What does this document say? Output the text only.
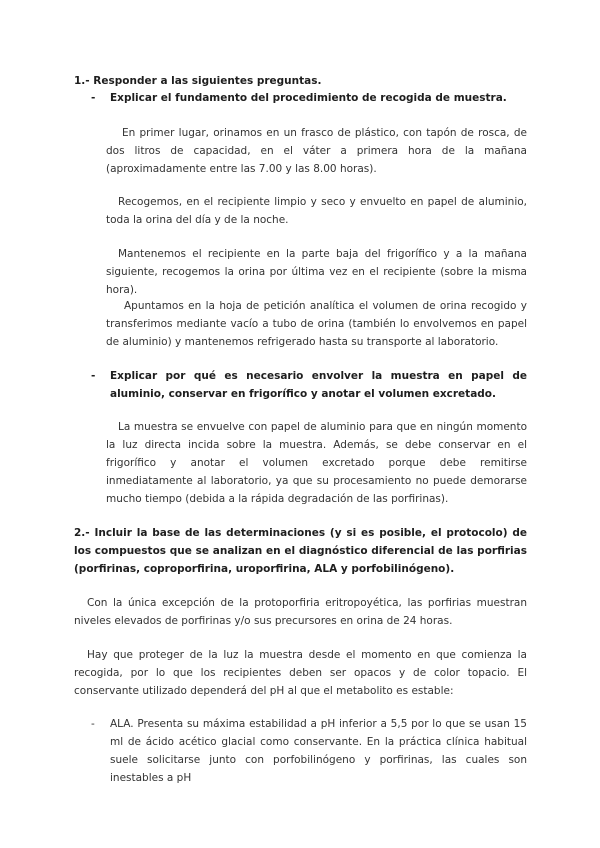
1.- Responder a las siguientes preguntas.
- Explicar el fundamento del procedimiento de recogida de muestra.
En primer lugar, orinamos en un frasco de plástico, con tapón de rosca, de dos litros de capacidad, en el váter a primera hora de la mañana (aproximadamente entre las 7.00 y las 8.00 horas).
Recogemos, en el recipiente limpio y seco y envuelto en papel de aluminio, toda la orina del día y de la noche.
Mantenemos el recipiente en la parte baja del frigorífico y a la mañana siguiente, recogemos la orina por última vez en el recipiente (sobre la misma hora).
Apuntamos en la hoja de petición analítica el volumen de orina recogido y transferimos mediante vacío a tubo de orina (también lo envolvemos en papel de aluminio) y mantenemos refrigerado hasta su transporte al laboratorio.
- Explicar por qué es necesario envolver la muestra en papel de aluminio, conservar en frigorífico y anotar el volumen excretado.
La muestra se envuelve con papel de aluminio para que en ningún momento la luz directa incida sobre la muestra. Además, se debe conservar en el frigorífico y anotar el volumen excretado porque debe remitirse inmediatamente al laboratorio, ya que su procesamiento no puede demorarse mucho tiempo (debida a la rápida degradación de las porfirinas).
2.- Incluir la base de las determinaciones (y si es posible, el protocolo) de los compuestos que se analizan en el diagnóstico diferencial de las porfirias (porfirinas, coproporfirina, uroporfirina, ALA y porfobilinógeno).
Con la única excepción de la protoporfiria eritropoyética, las porfirias muestran niveles elevados de porfirinas y/o sus precursores en orina de 24 horas.
Hay que proteger de la luz la muestra desde el momento en que comienza la recogida, por lo que los recipientes deben ser opacos y de color topacio. El conservante utilizado dependerá del pH al que el metabolito es estable:
- ALA. Presenta su máxima estabilidad a pH inferior a 5,5 por lo que se usan 15 ml de ácido acético glacial como conservante. En la práctica clínica habitual suele solicitarse junto con porfobilinógeno y porfirinas, las cuales son inestables a pH
